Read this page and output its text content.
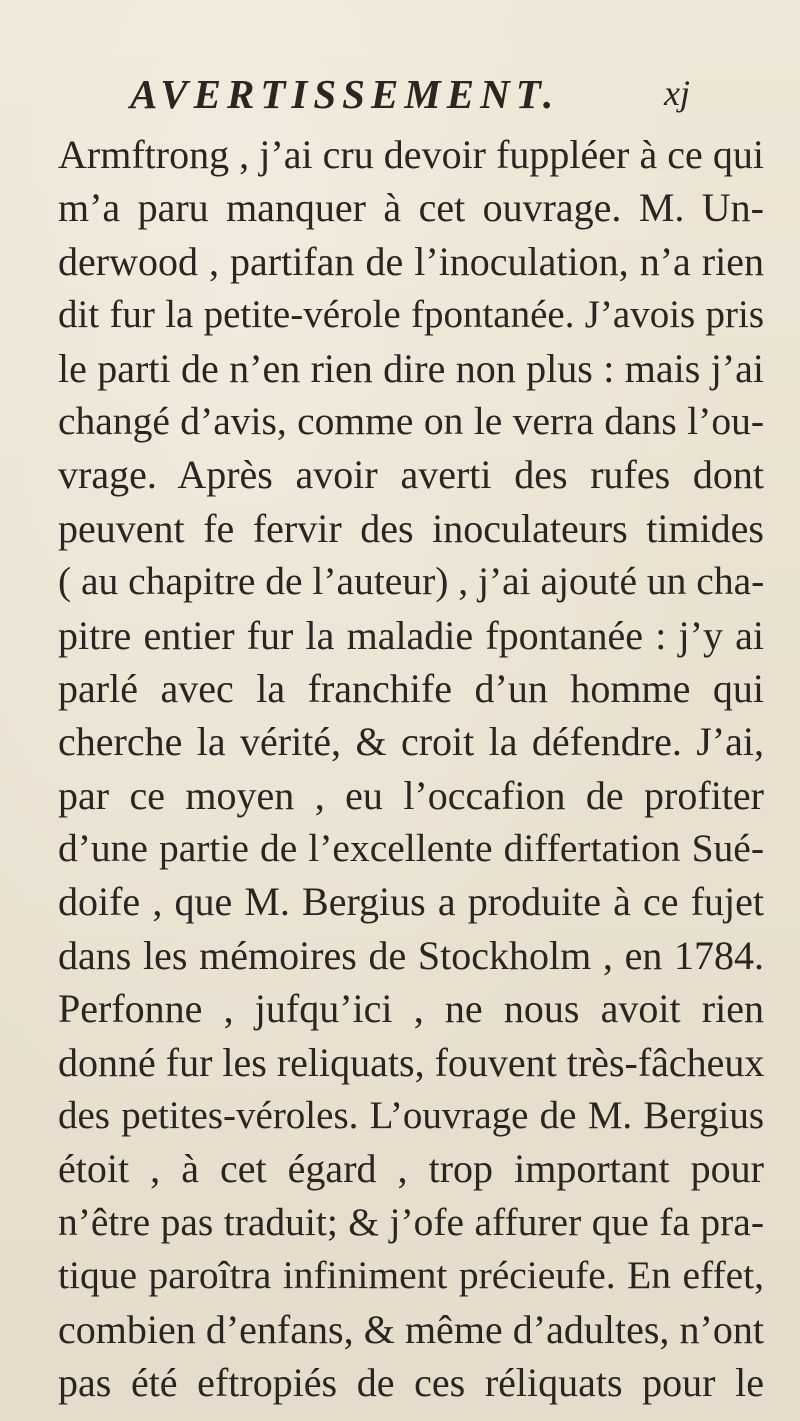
AVERTISSEMENT.	xj
Armftrong , j’ai cru devoir fuppléer à ce qui
m’a paru manquer à cet ouvrage. M. Un-
derwood , partifan de l’inoculation, n’a rien
dit fur la petite-vérole fpontanée. J’avois pris
le parti de n’en rien dire non plus : mais j’ai
changé d’avis, comme on le verra dans l’ou-
vrage. Après avoir averti des rufes dont
peuvent fe fervir des inoculateurs timides
( au chapitre de l’auteur) , j’ai ajouté un cha-
pitre entier fur la maladie fpontanée : j’y ai
parlé avec la franchife d’un homme qui
cherche la vérité, & croit la défendre. J’ai,
par ce moyen , eu l’occafion de profiter
d’une partie de l’excellente differtation Sué-
doife , que M. Bergius a produite à ce fujet
dans les mémoires de Stockholm , en 1784.
Perfonne , jufqu’ici , ne nous avoit rien
donné fur les reliquats, fouvent très-fâcheux
des petites-véroles. L’ouvrage de M. Bergius
étoit , à cet égard , trop important pour
n’être pas traduit; & j’ofe affurer que fa pra-
tique paroîtra infiniment précieufe. En effet,
combien d’enfans, & même d’adultes, n’ont
pas été eftropiés de ces réliquats pour le
